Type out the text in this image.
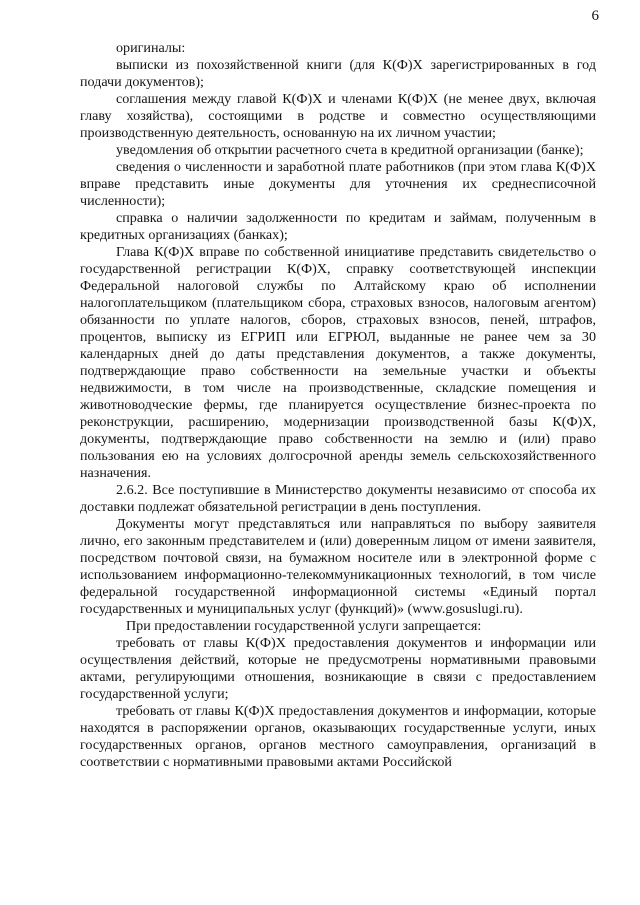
6

оригиналы:

выписки из похозяйственной книги (для К(Ф)Х зарегистрированных в год подачи документов);

соглашения между главой К(Ф)Х и членами К(Ф)Х (не менее двух, включая главу хозяйства), состоящими в родстве и совместно осуществляющими производственную деятельность, основанную на их личном участии;

уведомления об открытии расчетного счета в кредитной организации (банке);

сведения о численности и заработной плате работников (при этом глава К(Ф)Х вправе представить иные документы для уточнения их среднесписочной численности);

справка о наличии задолженности по кредитам и займам, полученным в кредитных организациях (банках);

Глава К(Ф)Х вправе по собственной инициативе представить свидетельство о государственной регистрации К(Ф)Х, справку соответствующей инспекции Федеральной налоговой службы по Алтайскому краю об исполнении налогоплательщиком (плательщиком сбора, страховых взносов, налоговым агентом) обязанности по уплате налогов, сборов, страховых взносов, пеней, штрафов, процентов, выписку из ЕГРИП или ЕГРЮЛ, выданные не ранее чем за 30 календарных дней до даты представления документов, а также документы, подтверждающие право собственности на земельные участки и объекты недвижимости, в том числе на производственные, складские помещения и животноводческие фермы, где планируется осуществление бизнес-проекта по реконструкции, расширению, модернизации производственной базы К(Ф)Х, документы, подтверждающие право собственности на землю и (или) право пользования ею на условиях долгосрочной аренды земель сельскохозяйственного назначения.

2.6.2. Все поступившие в Министерство документы независимо от способа их доставки подлежат обязательной регистрации в день поступления.

Документы могут представляться или направляться по выбору заявителя лично, его законным представителем и (или) доверенным лицом от имени заявителя, посредством почтовой связи, на бумажном носителе или в электронной форме с использованием информационно-телекоммуникационных технологий, в том числе федеральной государственной информационной системы «Единый портал государственных и муниципальных услуг (функций)» (www.gosuslugi.ru).

При предоставлении государственной услуги запрещается:

требовать от главы К(Ф)Х предоставления документов и информации или осуществления действий, которые не предусмотрены нормативными правовыми актами, регулирующими отношения, возникающие в связи с предоставлением государственной услуги;

требовать от главы К(Ф)Х предоставления документов и информации, которые находятся в распоряжении органов, оказывающих государственные услуги, иных государственных органов, органов местного самоуправления, организаций в соответствии с нормативными правовыми актами Российской
